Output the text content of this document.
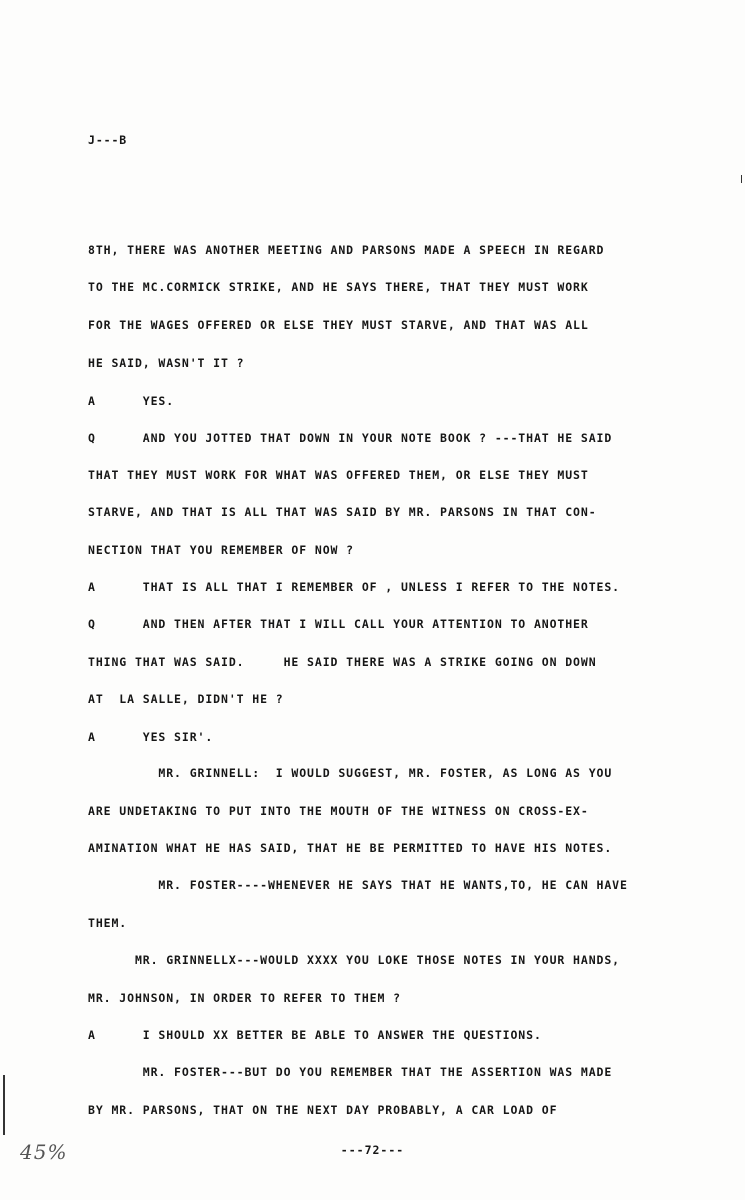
J---B
8TH, THERE WAS ANOTHER MEETING AND PARSONS MADE A SPEECH IN REGARD
TO THE MC.CORMICK STRIKE, AND HE SAYS THERE, THAT THEY MUST WORK
FOR THE WAGES OFFERED OR ELSE THEY MUST STARVE, AND THAT WAS ALL
HE SAID, WASN'T IT ?
A      YES.
Q      AND YOU JOTTED THAT DOWN IN YOUR NOTE BOOK ? ---THAT HE SAID
THAT THEY MUST WORK FOR WHAT WAS OFFERED THEM, OR ELSE THEY MUST
STARVE, AND THAT IS ALL THAT WAS SAID BY MR. PARSONS IN THAT CON-
NECTION THAT YOU REMEMBER OF NOW ?
A      THAT IS ALL THAT I REMEMBER OF , UNLESS I REFER TO THE NOTES.
Q      AND THEN AFTER THAT I WILL CALL YOUR ATTENTION TO ANOTHER
THING THAT WAS SAID.     HE SAID THERE WAS A STRIKE GOING ON DOWN
AT  LA SALLE, DIDN'T HE ?
A      YES SIR'.
MR. GRINNELL:  I WOULD SUGGEST, MR. FOSTER, AS LONG AS YOU
ARE UNDETAKING TO PUT INTO THE MOUTH OF THE WITNESS ON CROSS-EX-
AMINATION WHAT HE HAS SAID, THAT HE BE PERMITTED TO HAVE HIS NOTES.
MR. FOSTER----WHENEVER HE SAYS THAT HE WANTS,TO, HE CAN HAVE
THEM.
MR. GRINNELLX---WOULD XXXX YOU LOKE THOSE NOTES IN YOUR HANDS,
MR. JOHNSON, IN ORDER TO REFER TO THEM ?
A      I SHOULD XX BETTER BE ABLE TO ANSWER THE QUESTIONS.
MR. FOSTER---BUT DO YOU REMEMBER THAT THE ASSERTION WAS MADE
BY MR. PARSONS, THAT ON THE NEXT DAY PROBABLY, A CAR LOAD OF
45%	---72---
